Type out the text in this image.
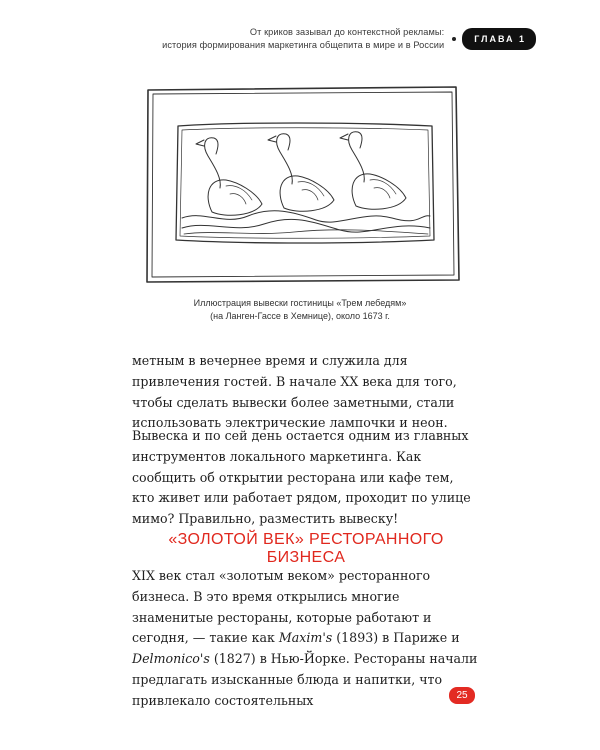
От криков зазывал до контекстной рекламы:
история формирования маркетинга общепита в мире и в России
ГЛАВА 1
Иллюстрация вывески гостиницы «Трем лебедям»
(на Ланген-Гассе в Хемнице), около 1673 г.

метным в вечернее время и служила для привлечения гостей. В начале ХХ века для того, чтобы сделать вывески более заметными, стали использовать электрические лампочки и неон.

Вывеска и по сей день остается одним из главных инструментов локального маркетинга. Как сообщить об открытии ресторана или кафе тем, кто живет или работает рядом, проходит по улице мимо? Правильно, разместить вывеску!

«ЗОЛОТОЙ ВЕК» РЕСТОРАННОГО БИЗНЕСА

XIX век стал «золотым веком» ресторанного бизнеса. В это время открылись многие знаменитые рестораны, которые работают и сегодня, — такие как Maxim's (1893) в Париже и Delmonico's (1827) в Нью-Йорке. Рестораны начали предлагать изысканные блюда и напитки, что привлекало состоятельных	25
